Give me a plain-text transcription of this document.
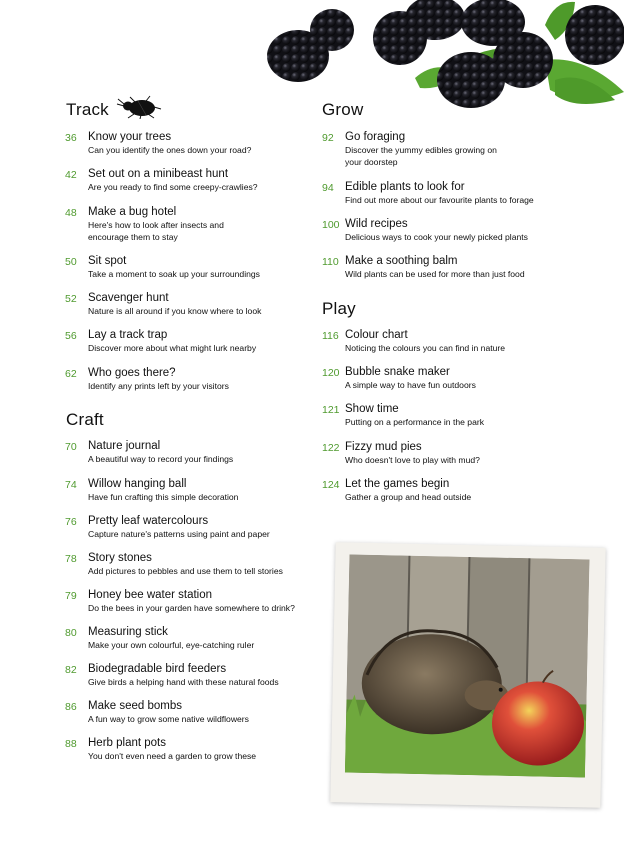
Track
36 Know your trees
Can you identify the ones down your road?
42 Set out on a minibeast hunt
Are you ready to find some creepy-crawlies?
48 Make a bug hotel
Here's how to look after insects and
encourage them to stay
50 Sit spot
Take a moment to soak up your surroundings
52 Scavenger hunt
Nature is all around if you know where to look
56 Lay a track trap
Discover more about what might lurk nearby
62 Who goes there?
Identify any prints left by your visitors
Craft
70 Nature journal
A beautiful way to record your findings
74 Willow hanging ball
Have fun crafting this simple decoration
76 Pretty leaf watercolours
Capture nature's patterns using paint and paper
78 Story stones
Add pictures to pebbles and use them to tell stories
79 Honey bee water station
Do the bees in your garden have somewhere to drink?
80 Measuring stick
Make your own colourful, eye-catching ruler
82 Biodegradable bird feeders
Give birds a helping hand with these natural foods
86 Make seed bombs
A fun way to grow some native wildflowers
88 Herb plant pots
You don't even need a garden to grow these
Grow
92 Go foraging
Discover the yummy edibles growing on
your doorstep
94 Edible plants to look for
Find out more about our favourite plants to forage
100 Wild recipes
Delicious ways to cook your newly picked plants
110 Make a soothing balm
Wild plants can be used for more than just food
Play
116 Colour chart
Noticing the colours you can find in nature
120 Bubble snake maker
A simple way to have fun outdoors
121 Show time
Putting on a performance in the park
122 Fizzy mud pies
Who doesn't love to play with mud?
124 Let the games begin
Gather a group and head outside
